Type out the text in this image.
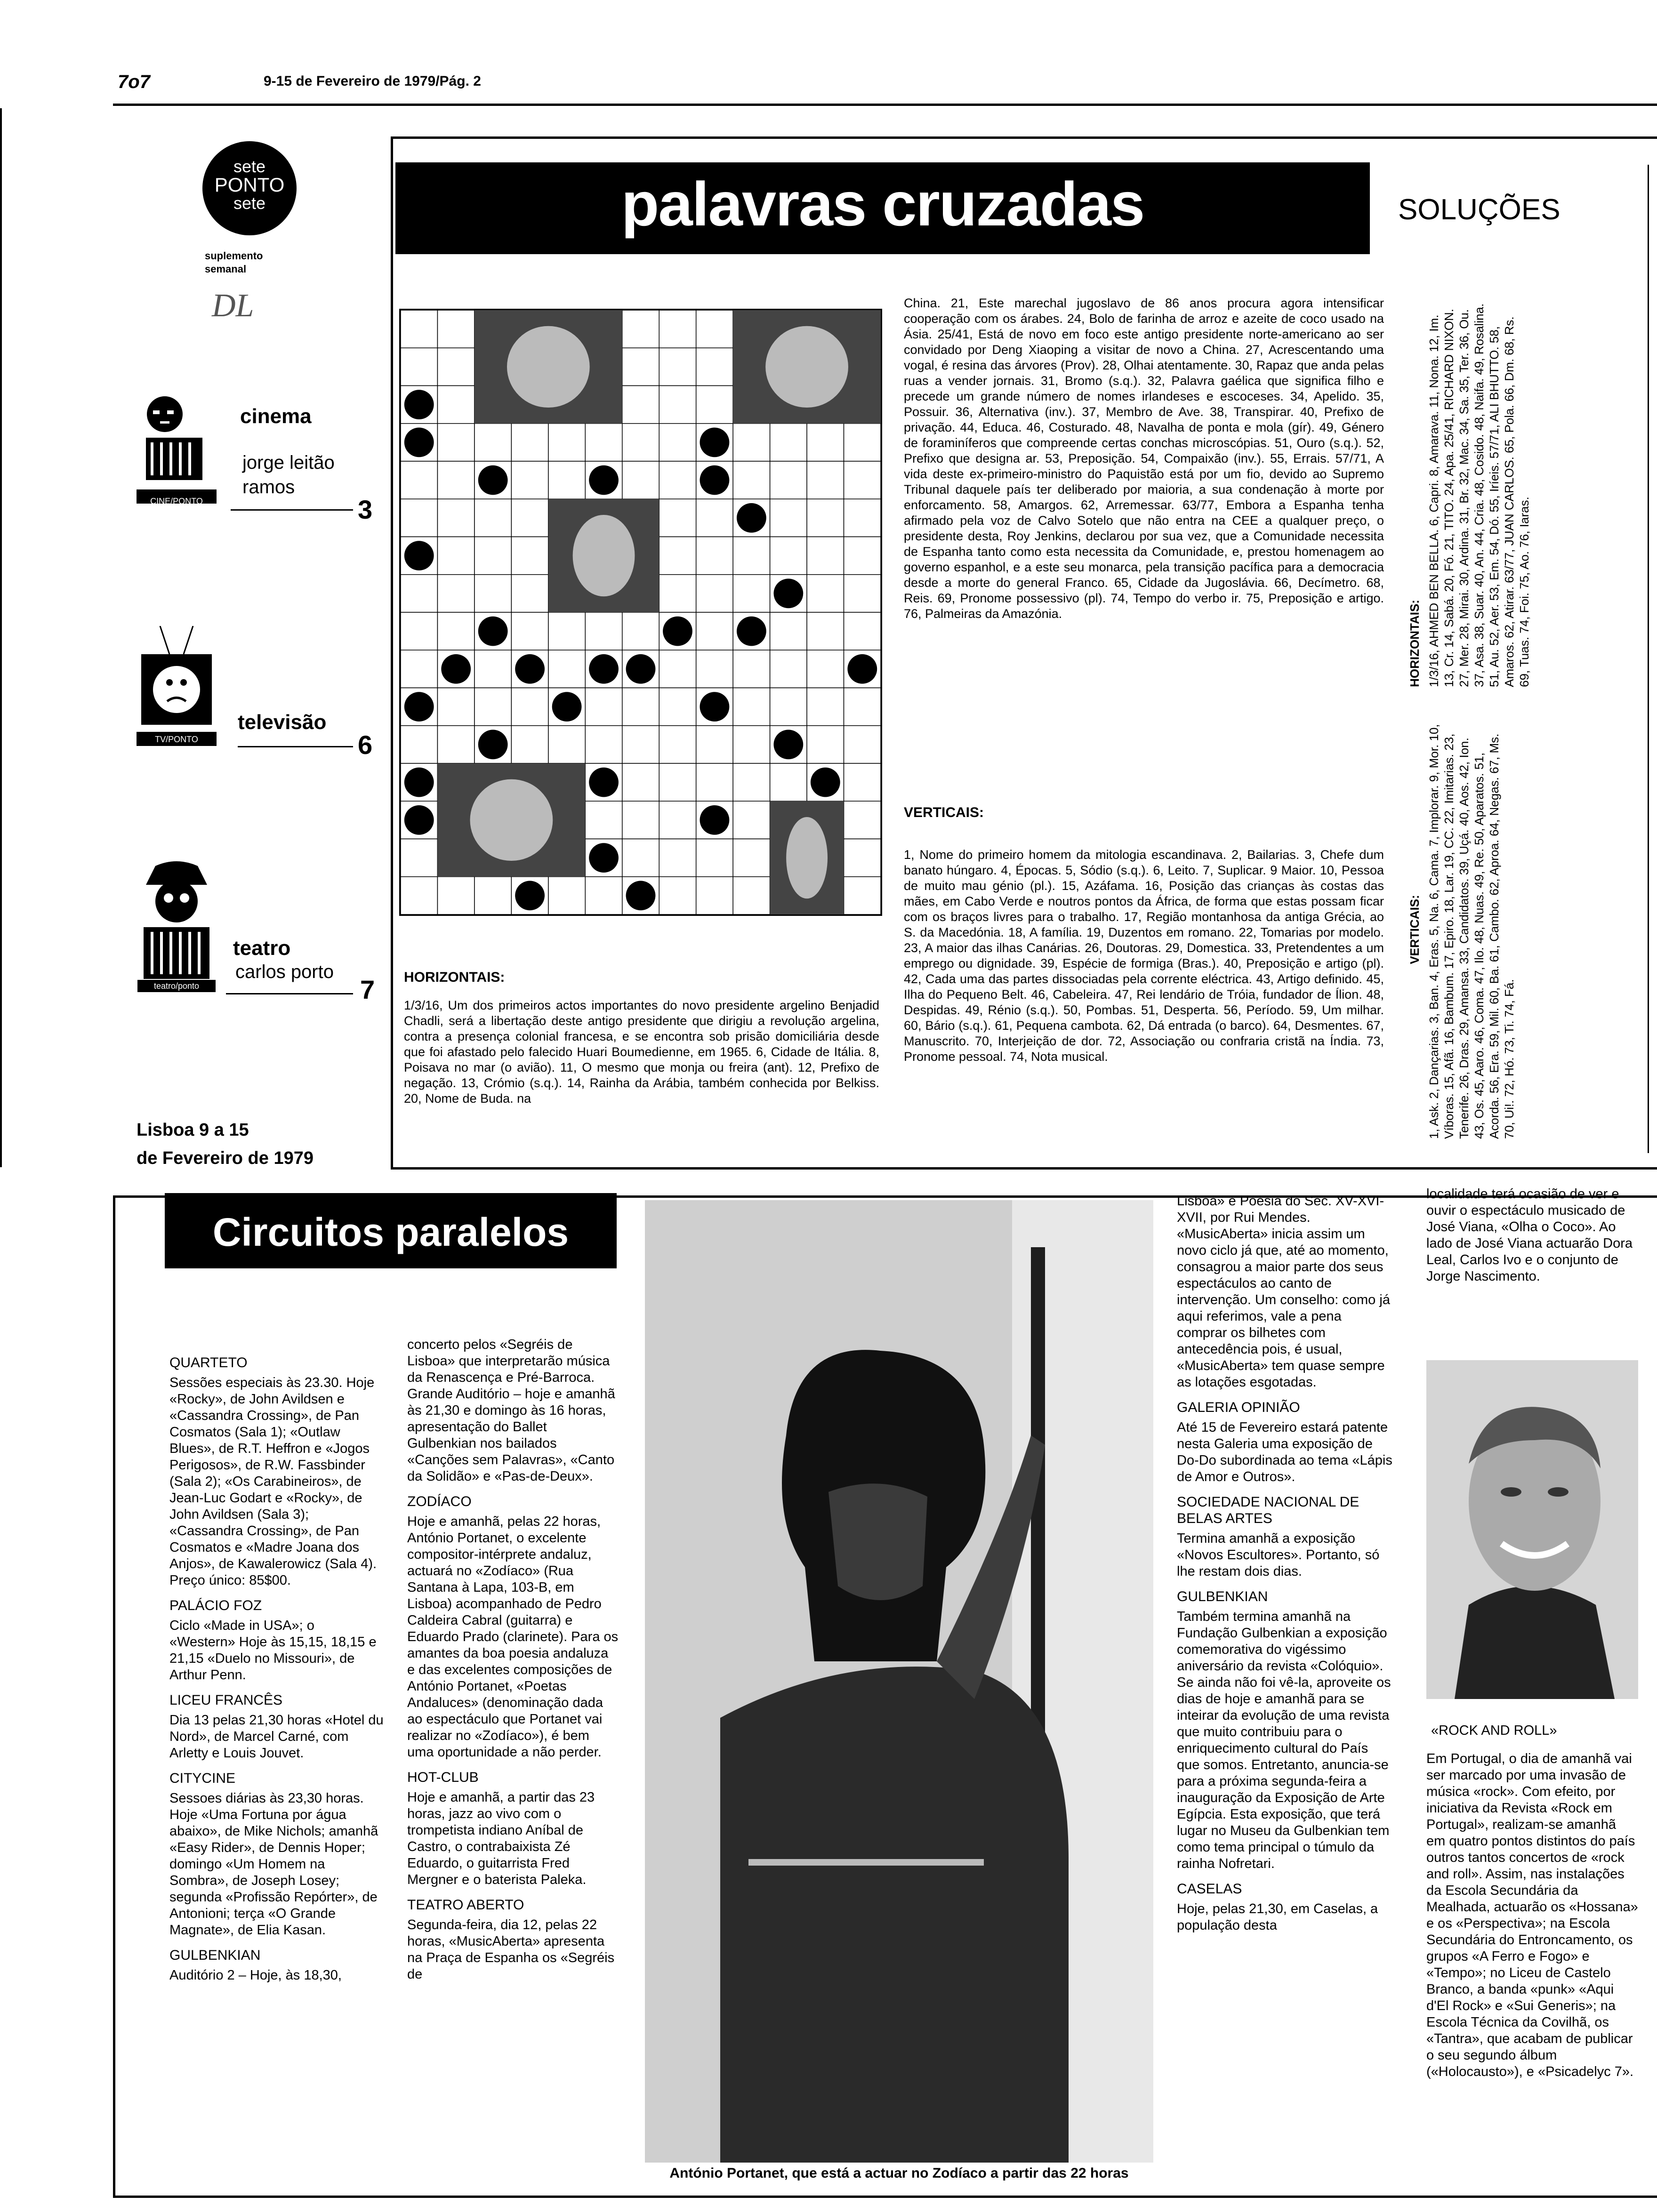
7o7	9-15 de Fevereiro de 1979/Pág. 2
sete
PONTO
sete
suplemento semanal
DL
CINE/PONTO
cinema
jorge leitão
ramos
3
TV/PONTO
televisão
6
teatro/ponto
teatro
carlos porto
7
Lisboa 9 a 15
de Fevereiro de 1979
palavras cruzadas	SOLUÇÕES
China. 21, Este marechal jugoslavo de 86 anos procura agora intensificar cooperação com os árabes. 24, Bolo de farinha de arroz e azeite de coco usado na Ásia. 25/41, Está de novo em foco este antigo presidente norte-americano ao ser convidado por Deng Xiaoping a visitar de novo a China. 27, Acrescentando uma vogal, é resina das árvores (Prov). 28, Olhai atentamente. 30, Rapaz que anda pelas ruas a vender jornais. 31, Bromo (s.q.). 32, Palavra gaélica que significa filho e precede um grande número de nomes irlandeses e escoceses. 34, Apelido. 35, Possuir. 36, Alternativa (inv.). 37, Membro de Ave. 38, Transpirar. 40, Prefixo de privação. 44, Educa. 46, Costurado. 48, Navalha de ponta e mola (gír). 49, Género de foraminíferos que compreende certas conchas microscópias. 51, Ouro (s.q.). 52, Prefixo que designa ar. 53, Preposição. 54, Compaixão (inv.). 55, Errais. 57/71, A vida deste ex-primeiro-ministro do Paquistão está por um fio, devido ao Supremo Tribunal daquele país ter deliberado por maioria, a sua condenação à morte por enforcamento. 58, Amargos. 62, Arremessar. 63/77, Embora a Espanha tenha afirmado pela voz de Calvo Sotelo que não entra na CEE a qualquer preço, o presidente desta, Roy Jenkins, declarou por sua vez, que a Comunidade necessita de Espanha tanto como esta necessita da Comunidade, e, prestou homenagem ao governo espanhol, e a este seu monarca, pela transição pacífica para a democracia desde a morte do general Franco. 65, Cidade da Jugoslávia. 66, Decímetro. 68, Reis. 69, Pronome possessivo (pl). 74, Tempo do verbo ir. 75, Preposição e artigo. 76, Palmeiras da Amazónia.
VERTICAIS:
1, Nome do primeiro homem da mitologia escandinava. 2, Bailarias. 3, Chefe dum banato húngaro. 4, Épocas. 5, Sódio (s.q.). 6, Leito. 7, Suplicar. 9 Maior. 10, Pessoa de muito mau génio (pl.). 15, Azáfama. 16, Posição das crianças às costas das mães, em Cabo Verde e noutros pontos da África, de forma que estas possam ficar com os braços livres para o trabalho. 17, Região montanhosa da antiga Grécia, ao S. da Macedónia. 18, A família. 19, Duzentos em romano. 22, Tomarias por modelo. 23, A maior das ilhas Canárias. 26, Doutoras. 29, Domestica. 33, Pretendentes a um emprego ou dignidade. 39, Espécie de formiga (Bras.). 40, Preposição e artigo (pl). 42, Cada uma das partes dissociadas pela corrente eléctrica. 43, Artigo definido. 45, Ilha do Pequeno Belt. 46, Cabeleira. 47, Rei lendário de Tróia, fundador de Ílion. 48, Despidas. 49, Rénio (s.q.). 50, Pombas. 51, Desperta. 56, Período. 59, Um milhar. 60, Bário (s.q.). 61, Pequena cambota. 62, Dá entrada (o barco). 64, Desmentes. 67, Manuscrito. 70, Interjeição de dor. 72, Associação ou confraria cristã na Índia. 73, Pronome pessoal. 74, Nota musical.
HORIZONTAIS:
1/3/16, Um dos primeiros actos importantes do novo presidente argelino Benjadid Chadli, será a libertação deste antigo presidente que dirigiu a revolução argelina, contra a presença colonial francesa, e se encontra sob prisão domiciliária desde que foi afastado pelo falecido Huari Boumedienne, em 1965. 6, Cidade de Itália. 8, Poisava no mar (o avião). 11, O mesmo que monja ou freira (ant). 12, Prefixo de negação. 13, Crómio (s.q.). 14, Rainha da Arábia, também conhecida por Belkiss. 20, Nome de Buda. na
VERTICAIS: 1, Ask. 2, Dançarias. 3, Ban. 4, Eras. 5, Na. 6, Cama. 7, Implorar. 9, Mor. 10, Víboras. 15, Afã. 16, Bambum. 17, Epiro. 18, Lar. 19, CC. 22, Imitarias. 23, Tenerife. 26, Dras. 29, Amansa. 33, Candidatos. 39, Uçá. 40, Aos. 42, Ion. 43, Os. 45, Aaro. 46, Coma. 47, Ilo. 48, Nuas. 49, Re. 50, Aparatos. 51, Acorda. 56, Era. 59, Mil. 60, Ba. 61, Cambo. 62, Aproa. 64, Negas. 67, Ms. 70, Ui!. 72, Hó. 73, Ti. 74, Fá.
HORIZONTAIS: 1/3/16, AHMED BEN BELLA. 6, Capri. 8, Amarava. 11, Nona. 12, Im. 13, Cr. 14, Sabá. 20, Fó. 21, TITO. 24, Apa. 25/41, RICHARD NIXON. 27, Mer. 28, Mirai. 30, Ardina. 31, Br. 32, Mac. 34, Sa. 35, Ter. 36, Ou. 37, Asa. 38, Suar. 40, An. 44, Cria. 48, Cosido. 48, Naifa. 49, Rosalina. 51, Au. 52, Aer. 53, Em. 54, Dó. 55, Iríeis. 57/71, ALI BHUTTO. 58, Amaros. 62, Atirar. 63/77, JUAN CARLOS. 65, Pola. 66, Dm. 68, Rs. 69, Tuas. 74, Foi. 75, Ao. 76, Iaras.
Circuitos paralelos
QUARTETO

Sessões especiais às 23.30. Hoje «Rocky», de John Avildsen e «Cassandra Crossing», de Pan Cosmatos (Sala 1); «Outlaw Blues», de R.T. Heffron e «Jogos Perigosos», de R.W. Fassbinder (Sala 2); «Os Carabineiros», de Jean-Luc Godart e «Rocky», de John Avildsen (Sala 3); «Cassandra Crossing», de Pan Cosmatos e «Madre Joana dos Anjos», de Kawalerowicz (Sala 4). Preço único: 85$00.

PALÁCIO FOZ

Ciclo «Made in USA»; o «Western» Hoje às 15,15, 18,15 e 21,15 «Duelo no Missouri», de Arthur Penn.

LICEU FRANCÊS

Dia 13 pelas 21,30 horas «Hotel du Nord», de Marcel Carné, com Arletty e Louis Jouvet.

CITYCINE

Sessoes diárias às 23,30 horas. Hoje «Uma Fortuna por água abaixo», de Mike Nichols; amanhã «Easy Rider», de Dennis Hoper; domingo «Um Homem na Sombra», de Joseph Losey; segunda «Profissão Repórter», de Antonioni; terça «O Grande Magnate», de Elia Kasan.

GULBENKIAN

Auditório 2 – Hoje, às 18,30,

concerto pelos «Segréis de Lisboa» que interpretarão música da Renascença e Pré-Barroca. Grande Auditório – hoje e amanhã às 21,30 e domingo às 16 horas, apresentação do Ballet Gulbenkian nos bailados «Canções sem Palavras», «Canto da Solidão» e «Pas-de-Deux».

ZODÍACO

Hoje e amanhã, pelas 22 horas, António Portanet, o excelente compositor-intérprete andaluz, actuará no «Zodíaco» (Rua Santana à Lapa, 103-B, em Lisboa) acompanhado de Pedro Caldeira Cabral (guitarra) e Eduardo Prado (clarinete). Para os amantes da boa poesia andaluza e das excelentes composições de António Portanet, «Poetas Andaluces» (denominação dada ao espectáculo que Portanet vai realizar no «Zodíaco»), é bem uma oportunidade a não perder.

HOT-CLUB

Hoje e amanhã, a partir das 23 horas, jazz ao vivo com o trompetista indiano Aníbal de Castro, o contrabaixista Zé Eduardo, o guitarrista Fred Mergner e o baterista Paleka.

TEATRO ABERTO

Segunda-feira, dia 12, pelas 22 horas, «MusicAberta» apresenta na Praça de Espanha os «Segréis de

António Portanet, que está a actuar no Zodíaco a partir das 22 horas

Lisboa» e Poesia do Sec. XV-XVI-XVII, por Rui Mendes. «MusicAberta» inicia assim um novo ciclo já que, até ao momento, consagrou a maior parte dos seus espectáculos ao canto de intervenção. Um conselho: como já aqui referimos, vale a pena comprar os bilhetes com antecedência pois, é usual, «MusicAberta» tem quase sempre as lotações esgotadas.

GALERIA OPINIÃO

Até 15 de Fevereiro estará patente nesta Galeria uma exposição de Do-Do subordinada ao tema «Lápis de Amor e Outros».

SOCIEDADE NACIONAL DE BELAS ARTES

Termina amanhã a exposição «Novos Escultores». Portanto, só lhe restam dois dias.

GULBENKIAN

Também termina amanhã na Fundação Gulbenkian a exposição comemorativa do vigéssimo aniversário da revista «Colóquio». Se ainda não foi vê-la, aproveite os dias de hoje e amanhã para se inteirar da evolução de uma revista que muito contribuiu para o enriquecimento cultural do País que somos. Entretanto, anuncia-se para a próxima segunda-feira a inauguração da Exposição de Arte Egípcia. Esta exposição, que terá lugar no Museu da Gulbenkian tem como tema principal o túmulo da rainha Nofretari.

CASELAS

Hoje, pelas 21,30, em Caselas, a população desta

localidade terá ocasião de ver e ouvir o espectáculo musicado de José Viana, «Olha o Coco». Ao lado de José Viana actuarão Dora Leal, Carlos Ivo e o conjunto de Jorge Nascimento.
«ROCK AND ROLL»
Em Portugal, o dia de amanhã vai ser marcado por uma invasão de música «rock». Com efeito, por iniciativa da Revista «Rock em Portugal», realizam-se amanhã em quatro pontos distintos do país outros tantos concertos de «rock and roll». Assim, nas instalações da Escola Secundária da Mealhada, actuarão os «Hossana» e os «Perspectiva»; na Escola Secundária do Entroncamento, os grupos «A Ferro e Fogo» e «Tempo»; no Liceu de Castelo Branco, a banda «punk» «Aqui d'El Rock» e «Sui Generis»; na Escola Técnica da Covilhã, os «Tantra», que acabam de publicar o seu segundo álbum («Holocausto»), e «Psicadelyc 7».
